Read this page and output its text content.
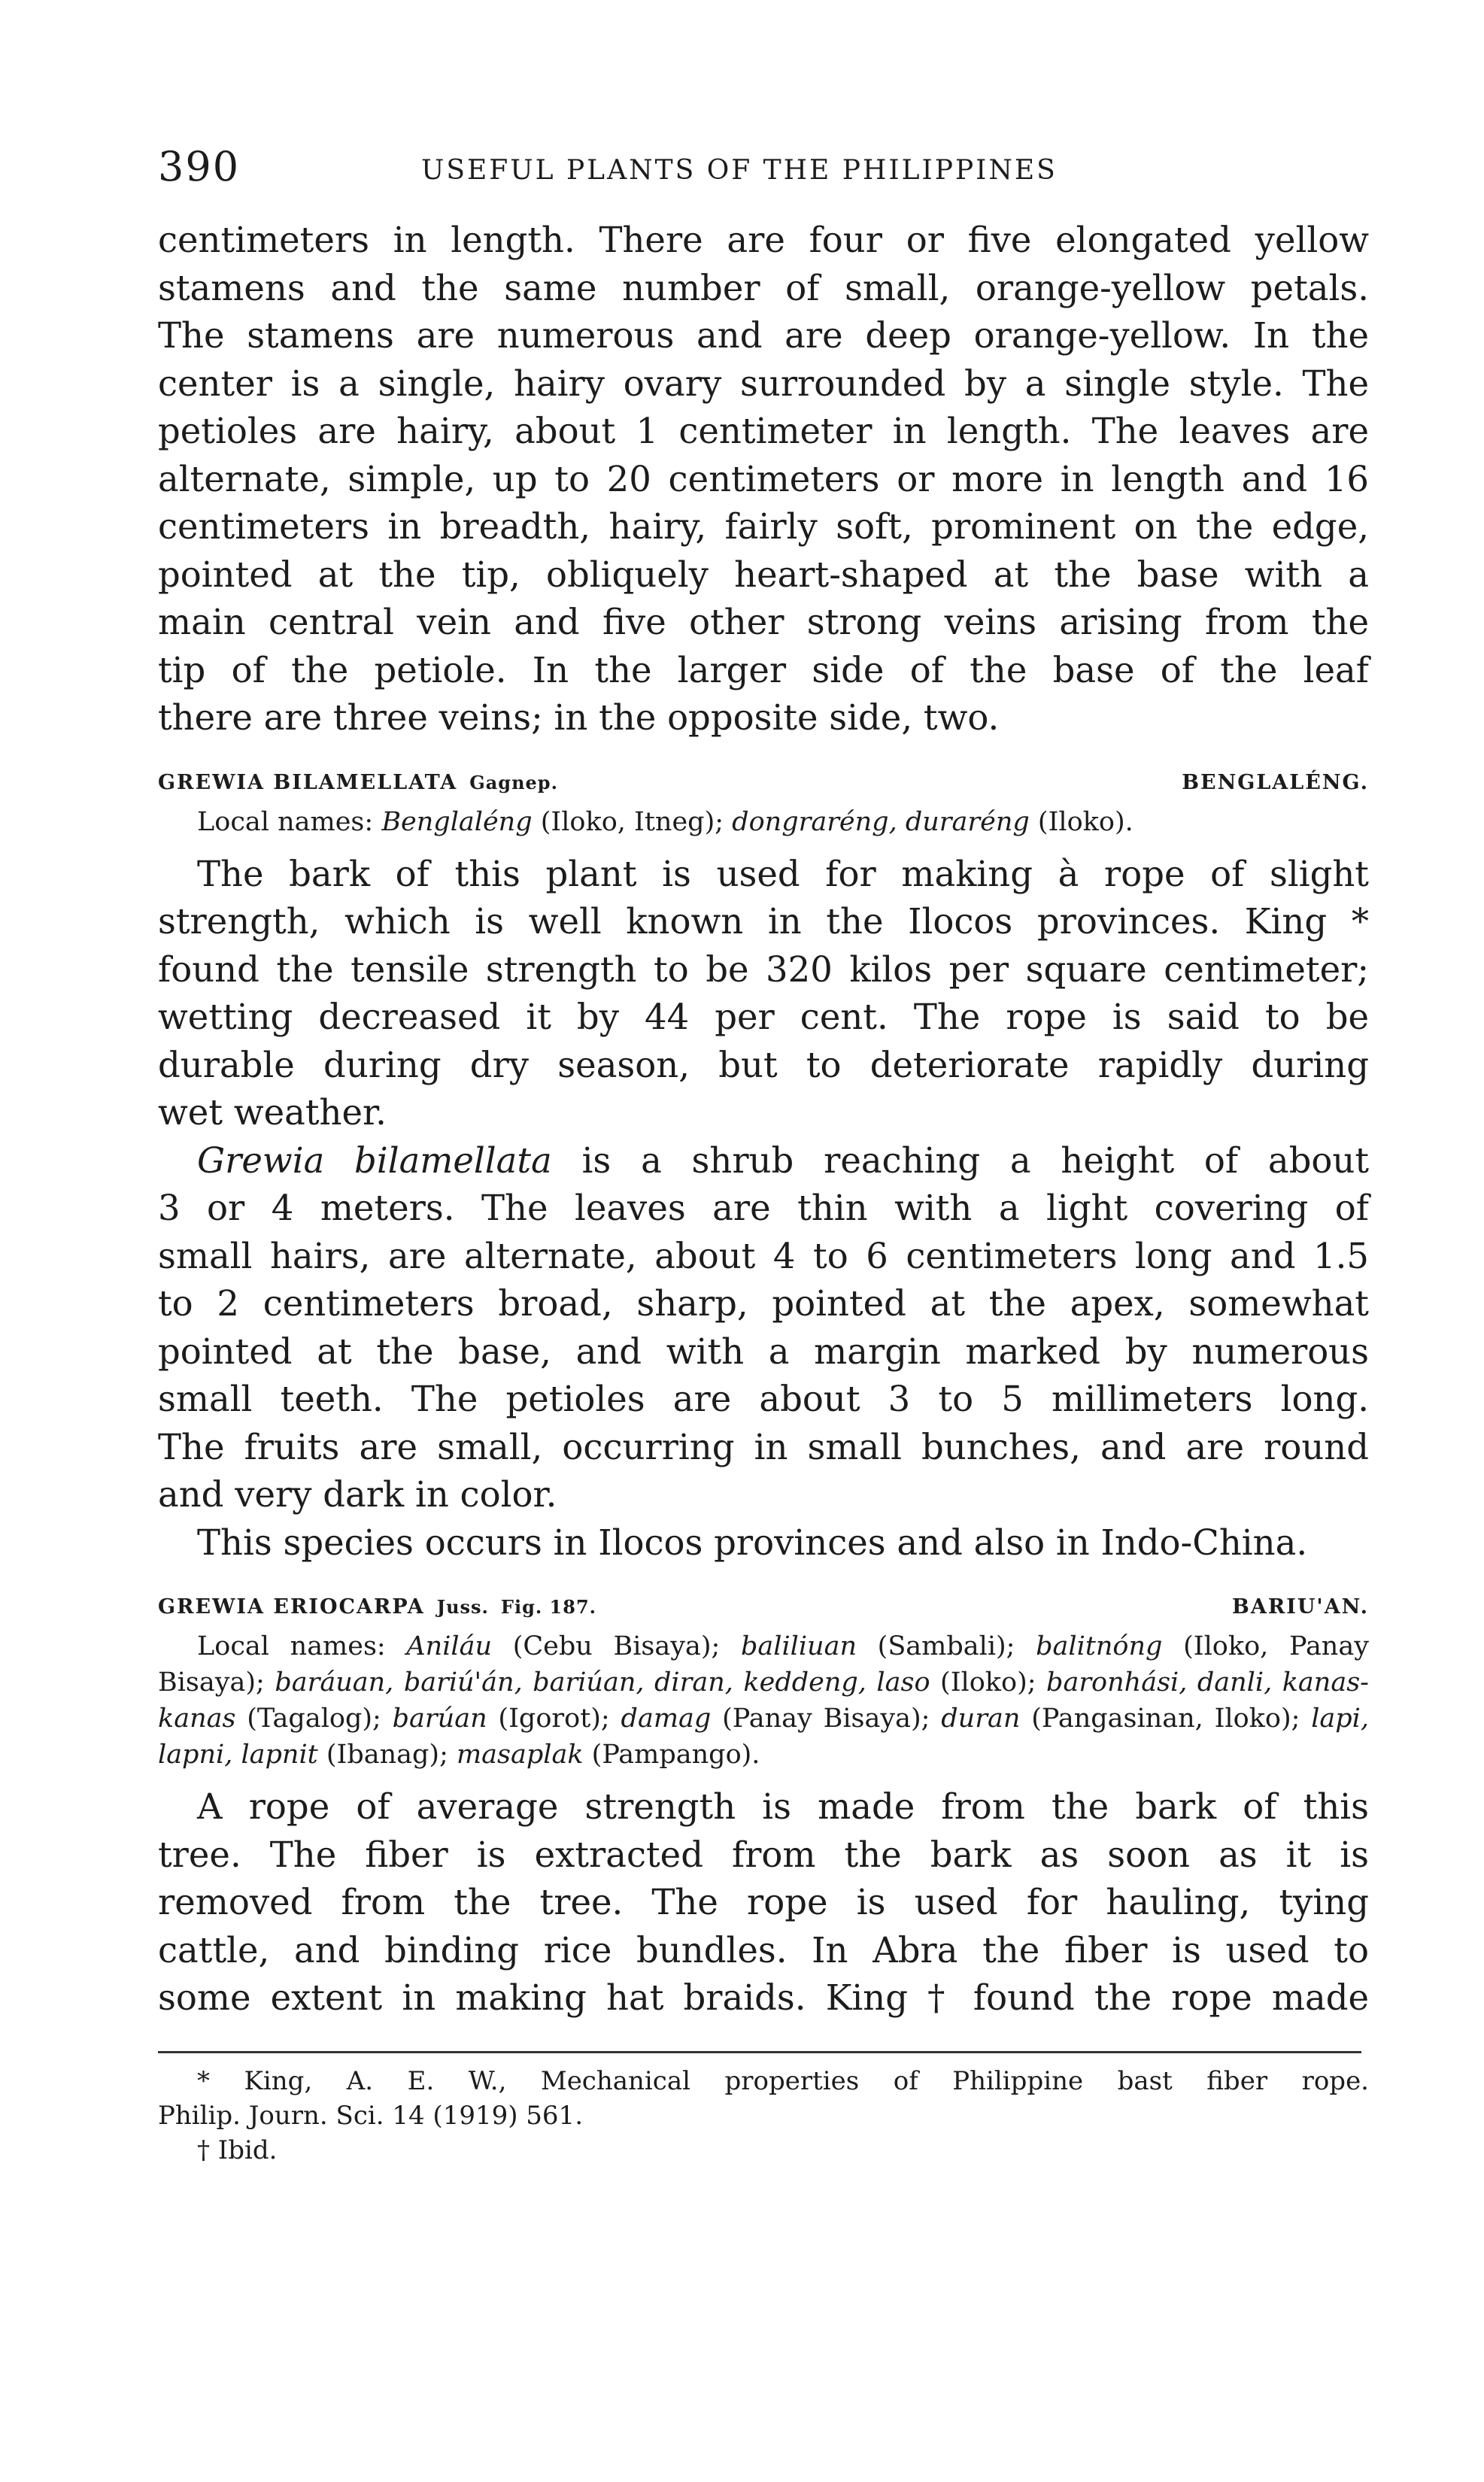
390	USEFUL PLANTS OF THE PHILIPPINES

centimeters in length. There are four or five elongated yellow

stamens and the same number of small, orange-yellow petals.

The stamens are numerous and are deep orange-yellow. In the

center is a single, hairy ovary surrounded by a single style. The

petioles are hairy, about 1 centimeter in length. The leaves are

alternate, simple, up to 20 centimeters or more in length and 16

centimeters in breadth, hairy, fairly soft, prominent on the edge,

pointed at the tip, obliquely heart-shaped at the base with a

main central vein and five other strong veins arising from the

tip of the petiole. In the larger side of the base of the leaf

there are three veins; in the opposite side, two.

GREWIA BILAMELLATA Gagnep.	BENGLALÉNG.
Local names: Benglaléng (Iloko, Itneg); dongraréng, duraréng (Iloko).

The bark of this plant is used for making à rope of slight

strength, which is well known in the Ilocos provinces. King *

found the tensile strength to be 320 kilos per square centimeter;

wetting decreased it by 44 per cent. The rope is said to be

durable during dry season, but to deteriorate rapidly during

wet weather.

Grewia bilamellata is a shrub reaching a height of about

3 or 4 meters. The leaves are thin with a light covering of

small hairs, are alternate, about 4 to 6 centimeters long and 1.5

to 2 centimeters broad, sharp, pointed at the apex, somewhat

pointed at the base, and with a margin marked by numerous

small teeth. The petioles are about 3 to 5 millimeters long.

The fruits are small, occurring in small bunches, and are round

and very dark in color.

This species occurs in Ilocos provinces and also in Indo-China.

GREWIA ERIOCARPA Juss. Fig. 187.	BARIU'AN.
Local names: Aniláu (Cebu Bisaya); baliliuan (Sambali); balitnóng (Iloko, Panay Bisaya); baráuan, bariú'án, bariúan, diran, keddeng, laso (Iloko); baronhási, danli, kanas-kanas (Tagalog); barúan (Igorot); damag (Panay Bisaya); duran (Pangasinan, Iloko); lapi, lapni, lapnit (Ibanag); masaplak (Pampango).

A rope of average strength is made from the bark of this

tree. The fiber is extracted from the bark as soon as it is

removed from the tree. The rope is used for hauling, tying

cattle, and binding rice bundles. In Abra the fiber is used to

some extent in making hat braids. King † found the rope made

* King, A. E. W., Mechanical properties of Philippine bast fiber rope.
Philip. Journ. Sci. 14 (1919) 561.
† Ibid.
